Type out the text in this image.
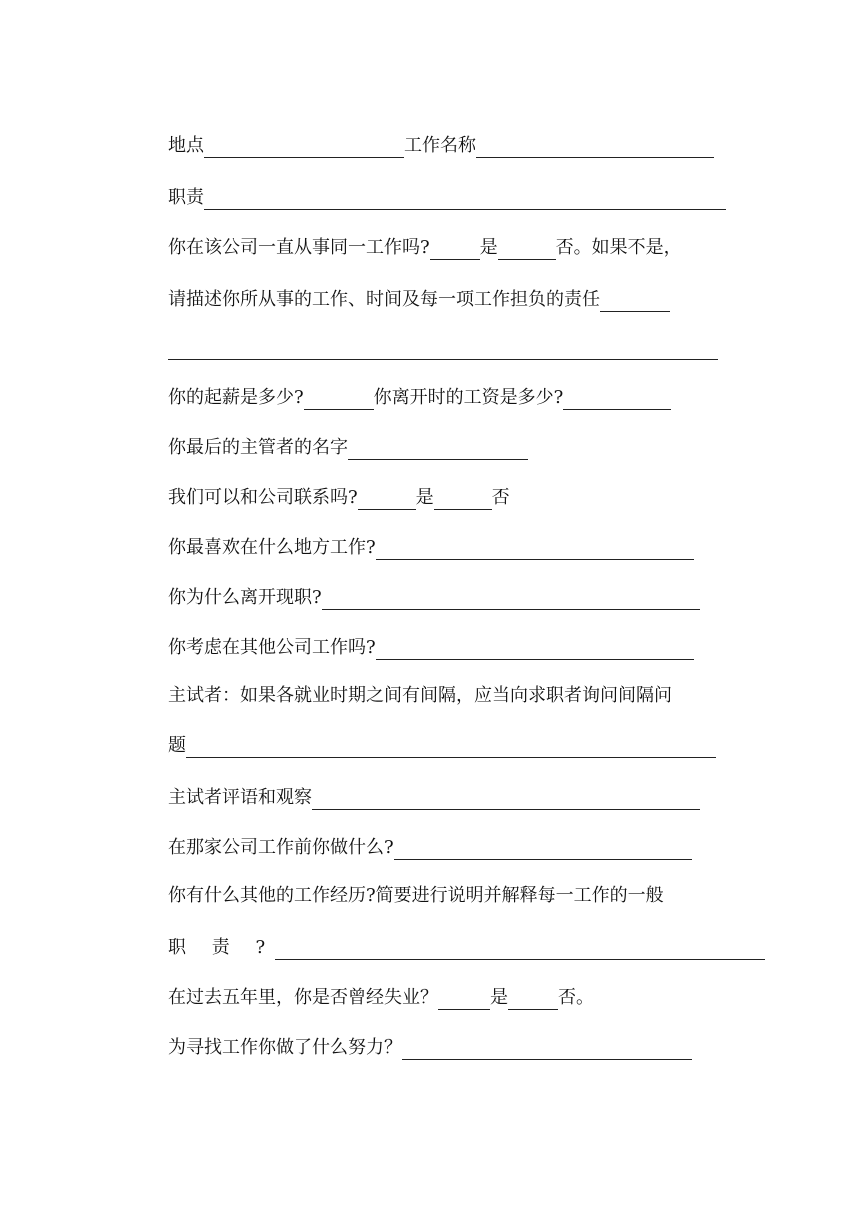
地点	工作名称
职责
你在该公司一直从事同一工作吗?	是	否。如果不是，
请描述你所从事的工作、时间及每一项工作担负的责任
你的起薪是多少?	你离开时的工资是多少?
你最后的主管者的名字
我们可以和公司联系吗?	是	否
你最喜欢在什么地方工作?
你为什么离开现职?
你考虑在其他公司工作吗?
主试者：如果各就业时期之间有间隔，应当向求职者询问间隔问
题
主试者评语和观察
在那家公司工作前你做什么?
你有什么其他的工作经历?简要进行说明并解释每一工作的一般
职 责 ?
在过去五年里，你是否曾经失业？	是	否。
为寻找工作你做了什么努力？
